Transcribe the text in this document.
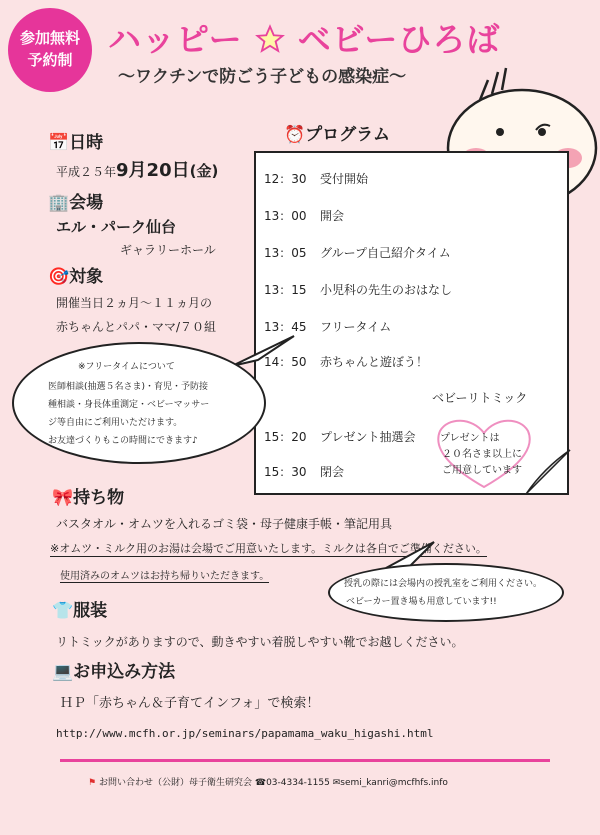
参加無料
予約制
ハッピー ベビーひろば
～ワクチンで防ごう子どもの感染症～
📅日時
平成２５年9月20日(金)
🏢会場
エル・パーク仙台
ギャラリーホール
🎯対象
開催当日２ヵ月～１１ヵ月の
赤ちゃんとパパ・ママ/７０組
⏰プログラム
12：30 受付開始
13：00 開会
13：05 グループ自己紹介タイム
13：15 小児科の先生のおはなし
13：45 フリータイム
14：50 赤ちゃんと遊ぼう！
ベビーリトミック
15：20 プレゼント抽選会
15：30 閉会
プレゼントは
２０名さま以上に
ご用意しています
※フリータイムについて
医師相談(抽選５名さま)・育児・予防接
種相談・身長体重測定・ベビーマッサー
ジ等自由にご利用いただけます。
お友達づくりもこの時間にできます♪
🎀持ち物
バスタオル・オムツを入れるゴミ袋・母子健康手帳・筆記用具
※オムツ・ミルク用のお湯は会場でご用意いたします。ミルクは各自でご準備ください。
使用済みのオムツはお持ち帰りいただきます。
授乳の際には会場内の授乳室をご利用ください。
ベビーカー置き場も用意しています!!
👕服装
リトミックがありますので、動きやすい着脱しやすい靴でお越しください。
💻お申込み方法
ＨＰ「赤ちゃん＆子育てインフォ」で検索！
http://www.mcfh.or.jp/seminars/papamama_waku_higashi.html
⚑ お問い合わせ（公財）母子衛生研究会 ☎03-4334-1155 ✉semi_kanri@mcfhfs.info
